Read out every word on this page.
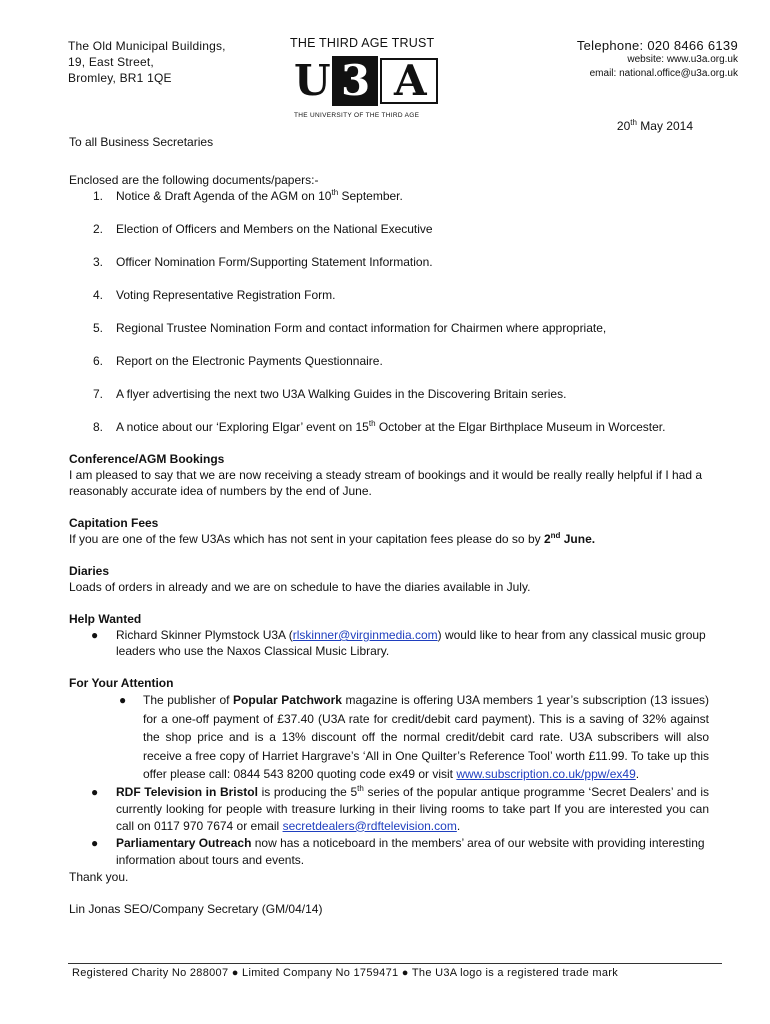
The Old Municipal Buildings,
19, East Street,
Bromley, BR1 1QE
THE THIRD AGE TRUST
U 3 A
THE UNIVERSITY OF THE THIRD AGE
Telephone: 020 8466 6139
website: www.u3a.org.uk
email: national.office@u3a.org.uk
20th May 2014

To all Business Secretaries

Enclosed are the following documents/papers:-

1. Notice & Draft Agenda of the AGM on 10th September.
2. Election of Officers and Members on the National Executive
3. Officer Nomination Form/Supporting Statement Information.
4. Voting Representative Registration Form.
5. Regional Trustee Nomination Form and contact information for Chairmen where appropriate,
6. Report on the Electronic Payments Questionnaire.
7. A flyer advertising the next two U3A Walking Guides in the Discovering Britain series.
8. A notice about our ‘Exploring Elgar’ event on 15th October at the Elgar Birthplace Museum in Worcester.
Conference/AGM Bookings

I am pleased to say that we are now receiving a steady stream of bookings and it would be really really helpful if I had a reasonably accurate idea of numbers by the end of June.

Capitation Fees

If you are one of the few U3As which has not sent in your capitation fees please do so by 2nd June.

Diaries

Loads of orders in already and we are on schedule to have the diaries available in July.

Help Wanted
● Richard Skinner Plymstock U3A (rlskinner@virginmedia.com) would like to hear from any classical music group leaders who use the Naxos Classical Music Library.
For Your Attention
● The publisher of Popular Patchwork magazine is offering U3A members 1 year’s subscription (13 issues) for a one-off payment of £37.40 (U3A rate for credit/debit card payment). This is a saving of 32% against the shop price and is a 13% discount off the normal credit/debit card rate. U3A subscribers will also receive a free copy of Harriet Hargrave’s ‘All in One Quilter’s Reference Tool’ worth £11.99. To take up this offer please call: 0844 543 8200 quoting code ex49 or visit www.subscription.co.uk/ppw/ex49.
● RDF Television in Bristol is producing the 5th series of the popular antique programme ‘Secret Dealers’ and is currently looking for people with treasure lurking in their living rooms to take part If you are interested you can call on 0117 970 7674 or email secretdealers@rdftelevision.com.
● Parliamentary Outreach now has a noticeboard in the members’ area of our website with providing interesting information about tours and events.

Thank you.

Lin Jonas SEO/Company Secretary (GM/04/14)

Registered Charity No 288007 ● Limited Company No 1759471 ● The U3A logo is a registered trade mark
